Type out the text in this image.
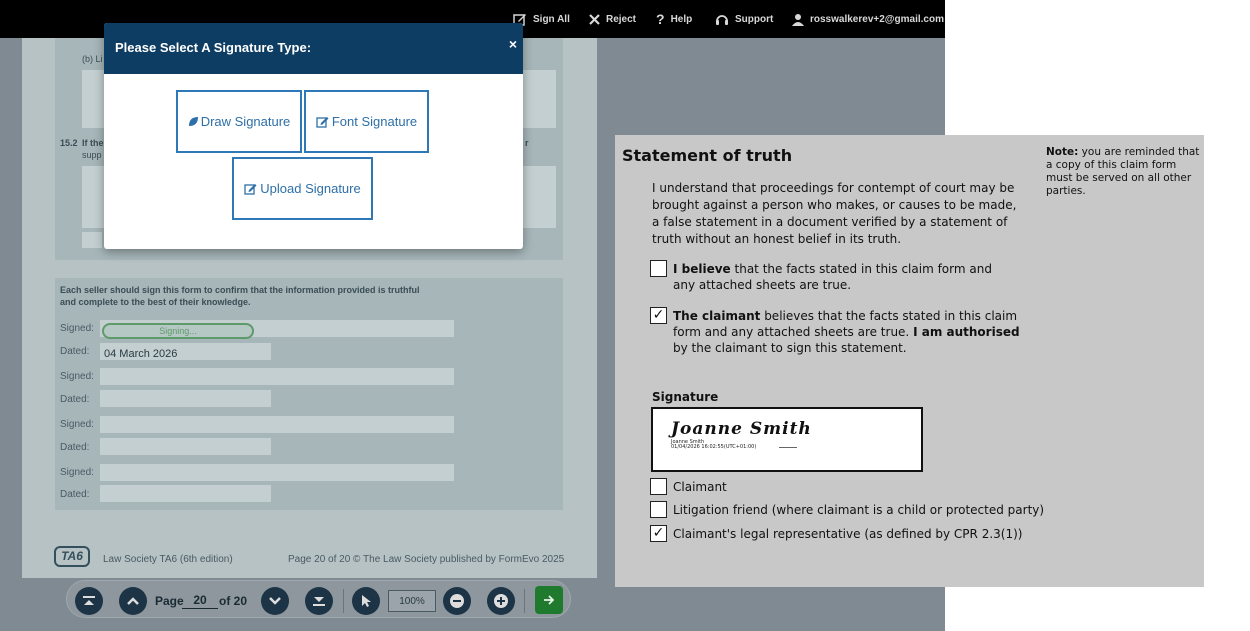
Sign All	Reject ? Help	Support	rosswalkerev+2@gmail.com
(b) Li
15.2 If the
supp
r
Each seller should sign this form to confirm that the information provided is truthful
and complete to the best of their knowledge.
Signed:	Signing...
Dated: 04 March 2026
Signed:
Dated:
Signed:
Dated:
Signed:
Dated:
TA6	Law Society TA6 (6th edition)	Page 20 of 20 © The Law Society published by FormEvo 2025
Page 20	of 20	100%
Please Select A Signature Type:	×
Draw Signature	Font Signature
Upload Signature
Statement of truth	Note: you are reminded that a copy of this claim form must be served on all other parties.
I understand that proceedings for contempt of court may be brought against a person who makes, or causes to be made, a false statement in a document verified by a statement of truth without an honest belief in its truth.
I believe that the facts stated in this claim form and any attached sheets are true.
✓ The claimant believes that the facts stated in this claim form and any attached sheets are true. I am authorised by the claimant to sign this statement.
Signature
Joanne Smith
Joanne Smith
01/04/2026 16:02:55(UTC+01:00)
Claimant
Litigation friend (where claimant is a child or protected party)
✓ Claimant's legal representative (as defined by CPR 2.3(1))
